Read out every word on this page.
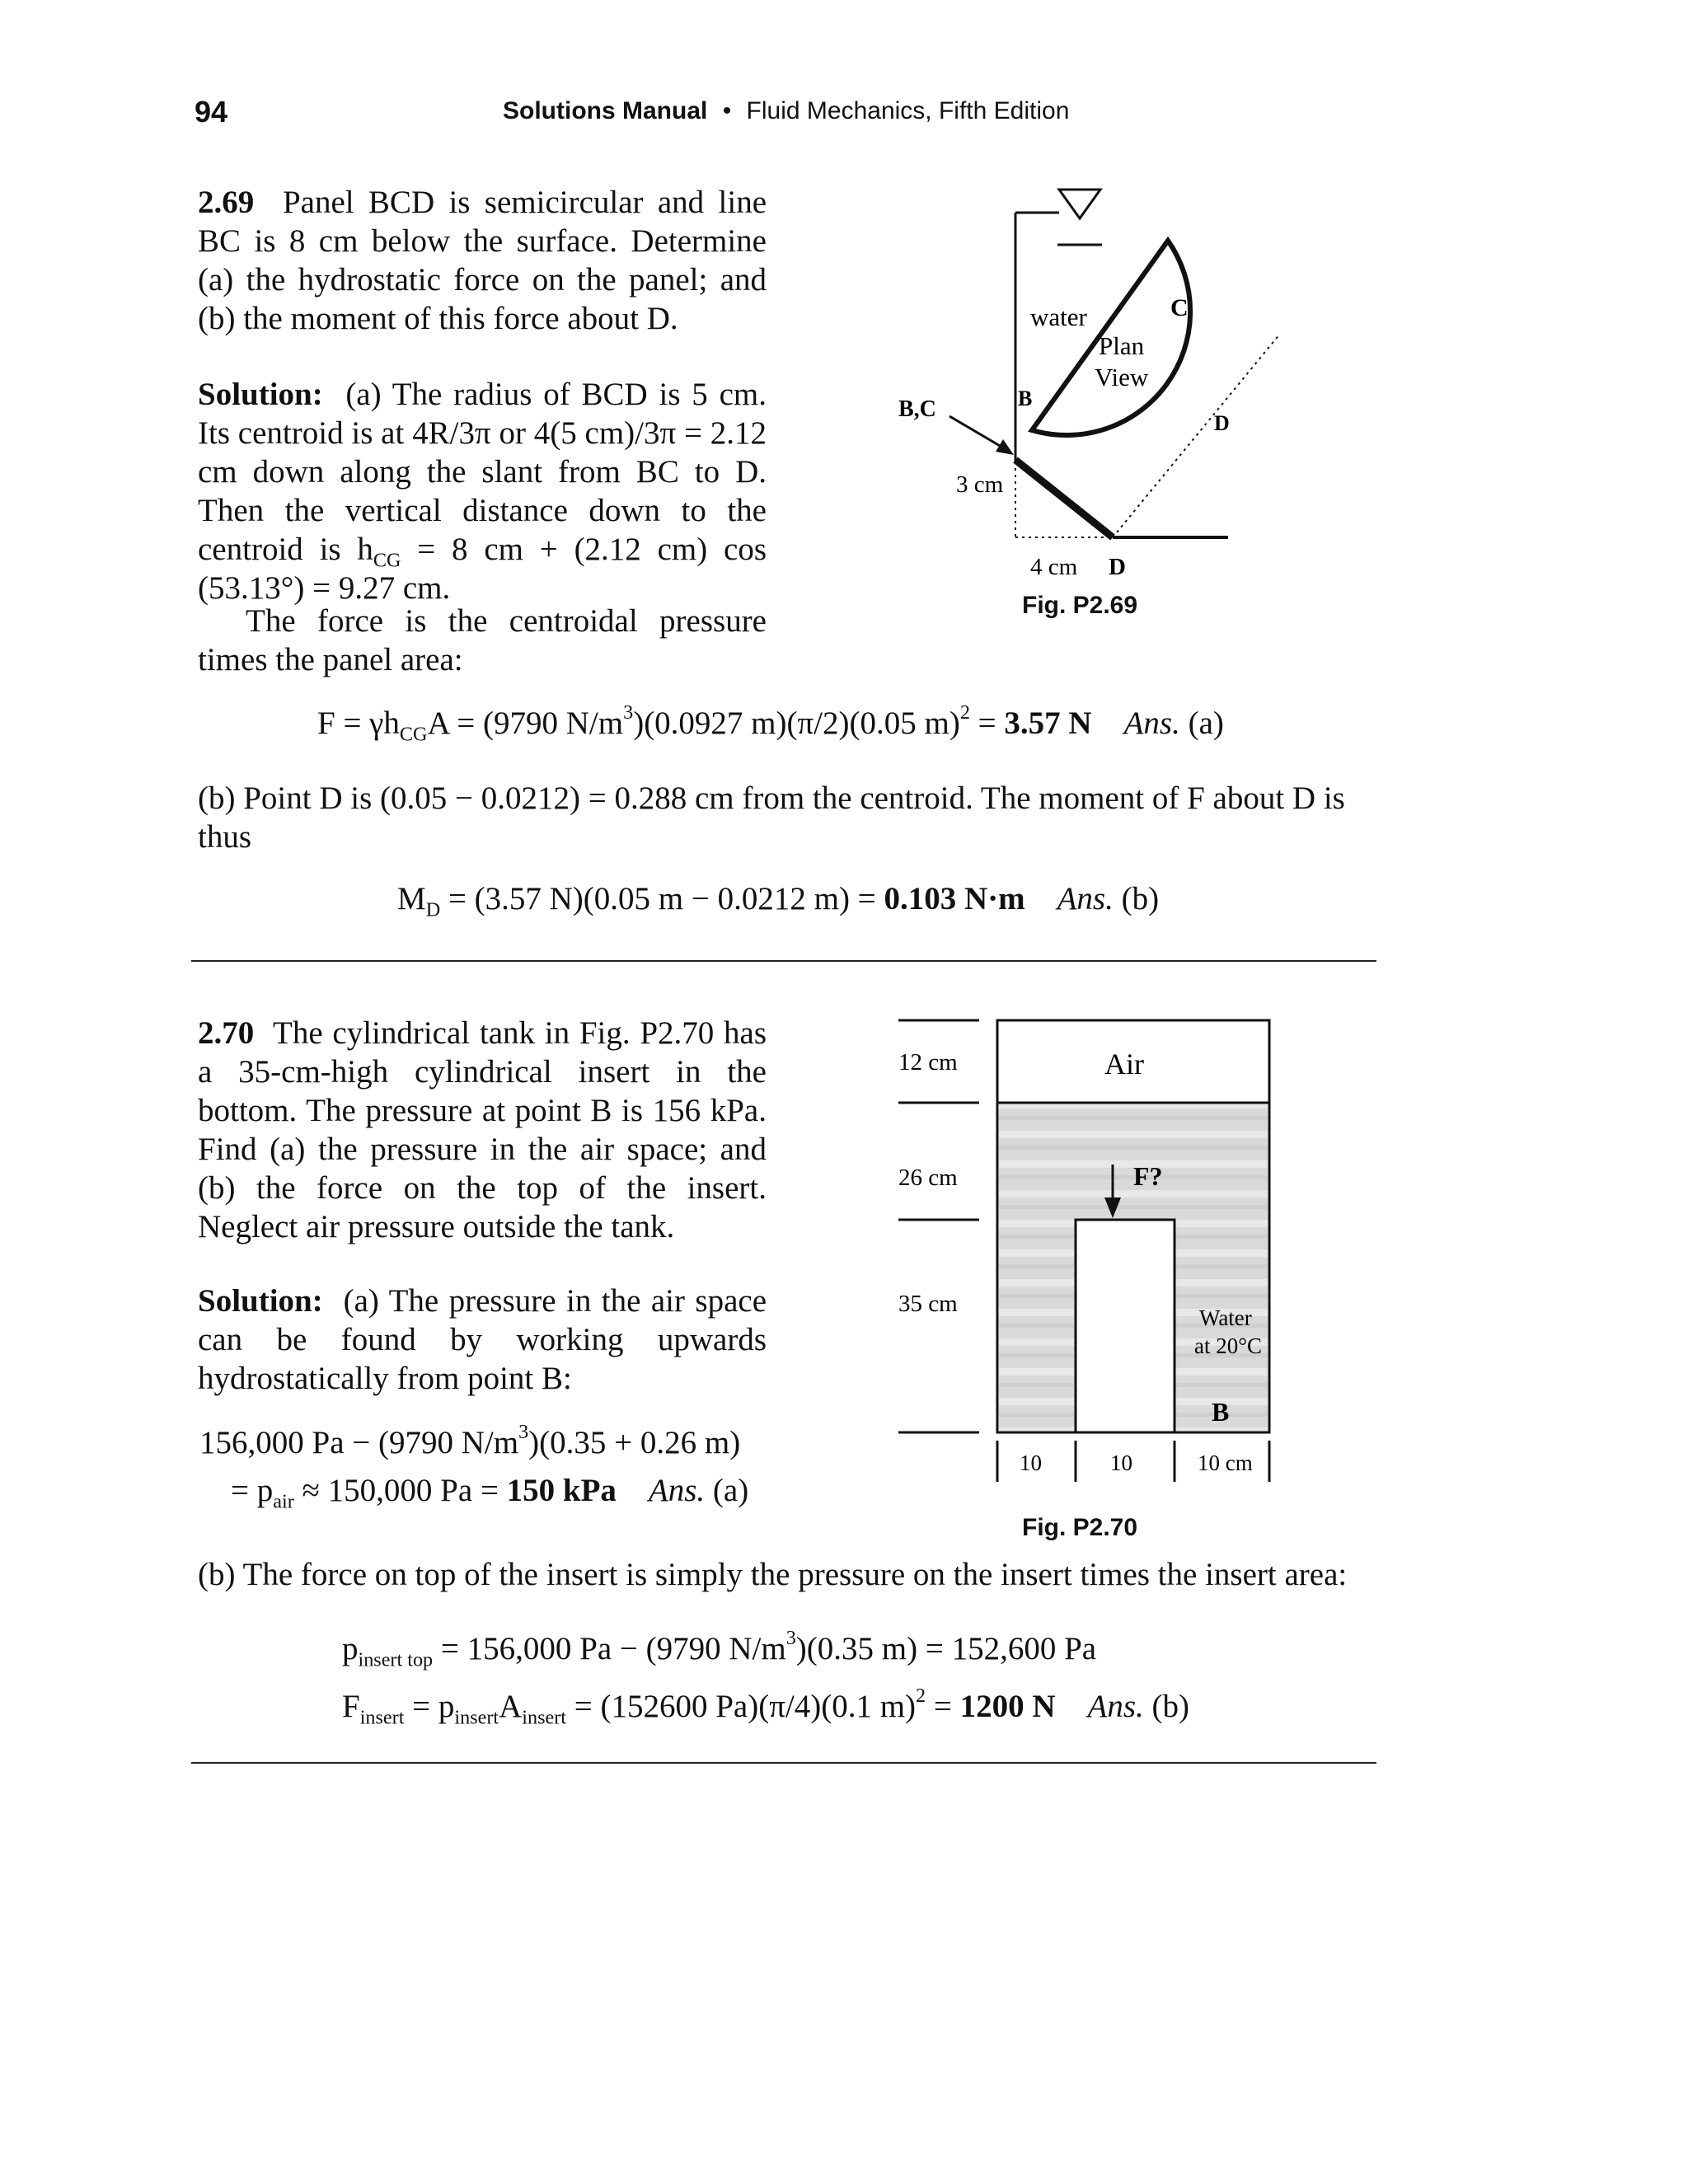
94	Solutions Manual • Fluid Mechanics, Fifth Edition
2.69 Panel BCD is semicircular and line BC is 8 cm below the surface. Determine (a) the hydrostatic force on the panel; and (b) the moment of this force about D.
Solution: (a) The radius of BCD is 5 cm. Its centroid is at 4R/3π or 4(5 cm)/3π = 2.12 cm down along the slant from BC to D. Then the vertical distance down to the centroid is $h_{CG} = 8$ cm + (2.12 cm) cos (53.13°) = 9.27 cm.
The force is the centroidal pressure times the panel area:
$F = \gamma h_{CG}A = (9790$ $N/m^3)(0.0927$ m)(π/2)(0.05 m)$^2$ = 3.57 N Ans. (a)
(b) Point D is (0.05 − 0.0212) = 0.288 cm from the centroid. The moment of F about D is thus
$M_D = (3.57$ N)(0.05 m − 0.0212 m) = 0.103 N·m Ans. (b)
water
Plan
View
C
B
B,C
D
3 cm
4 cm D
Fig. P2.69
2.70 The cylindrical tank in Fig. P2.70 has a 35-cm-high cylindrical insert in the bottom. The pressure at point B is 156 kPa. Find (a) the pressure in the air space; and (b) the force on the top of the insert. Neglect air pressure outside the tank.
Solution: (a) The pressure in the air space can be found by working upwards hydrostatically from point B:
156,000 Pa − (9790 $N/m^3)(0.35 + 0.26$ m)
= $p_{air} \approx 150,000$ Pa = 150 kPa Ans. (a)
(b) The force on top of the insert is simply the pressure on the insert times the insert area:
$p_{insert top} = 156,000$ Pa − (9790 $N/m^3)(0.35$ m) = 152,600 Pa
$F_{insert} = p_{insert}A_{insert} = (152600$ Pa)(π/4)(0.1 m)$^2$ = 1200 N Ans. (b)
Air
F?
Water
at 20°C
B
12 cm
26 cm
35 cm
10	10	10 cm
Fig. P2.70
